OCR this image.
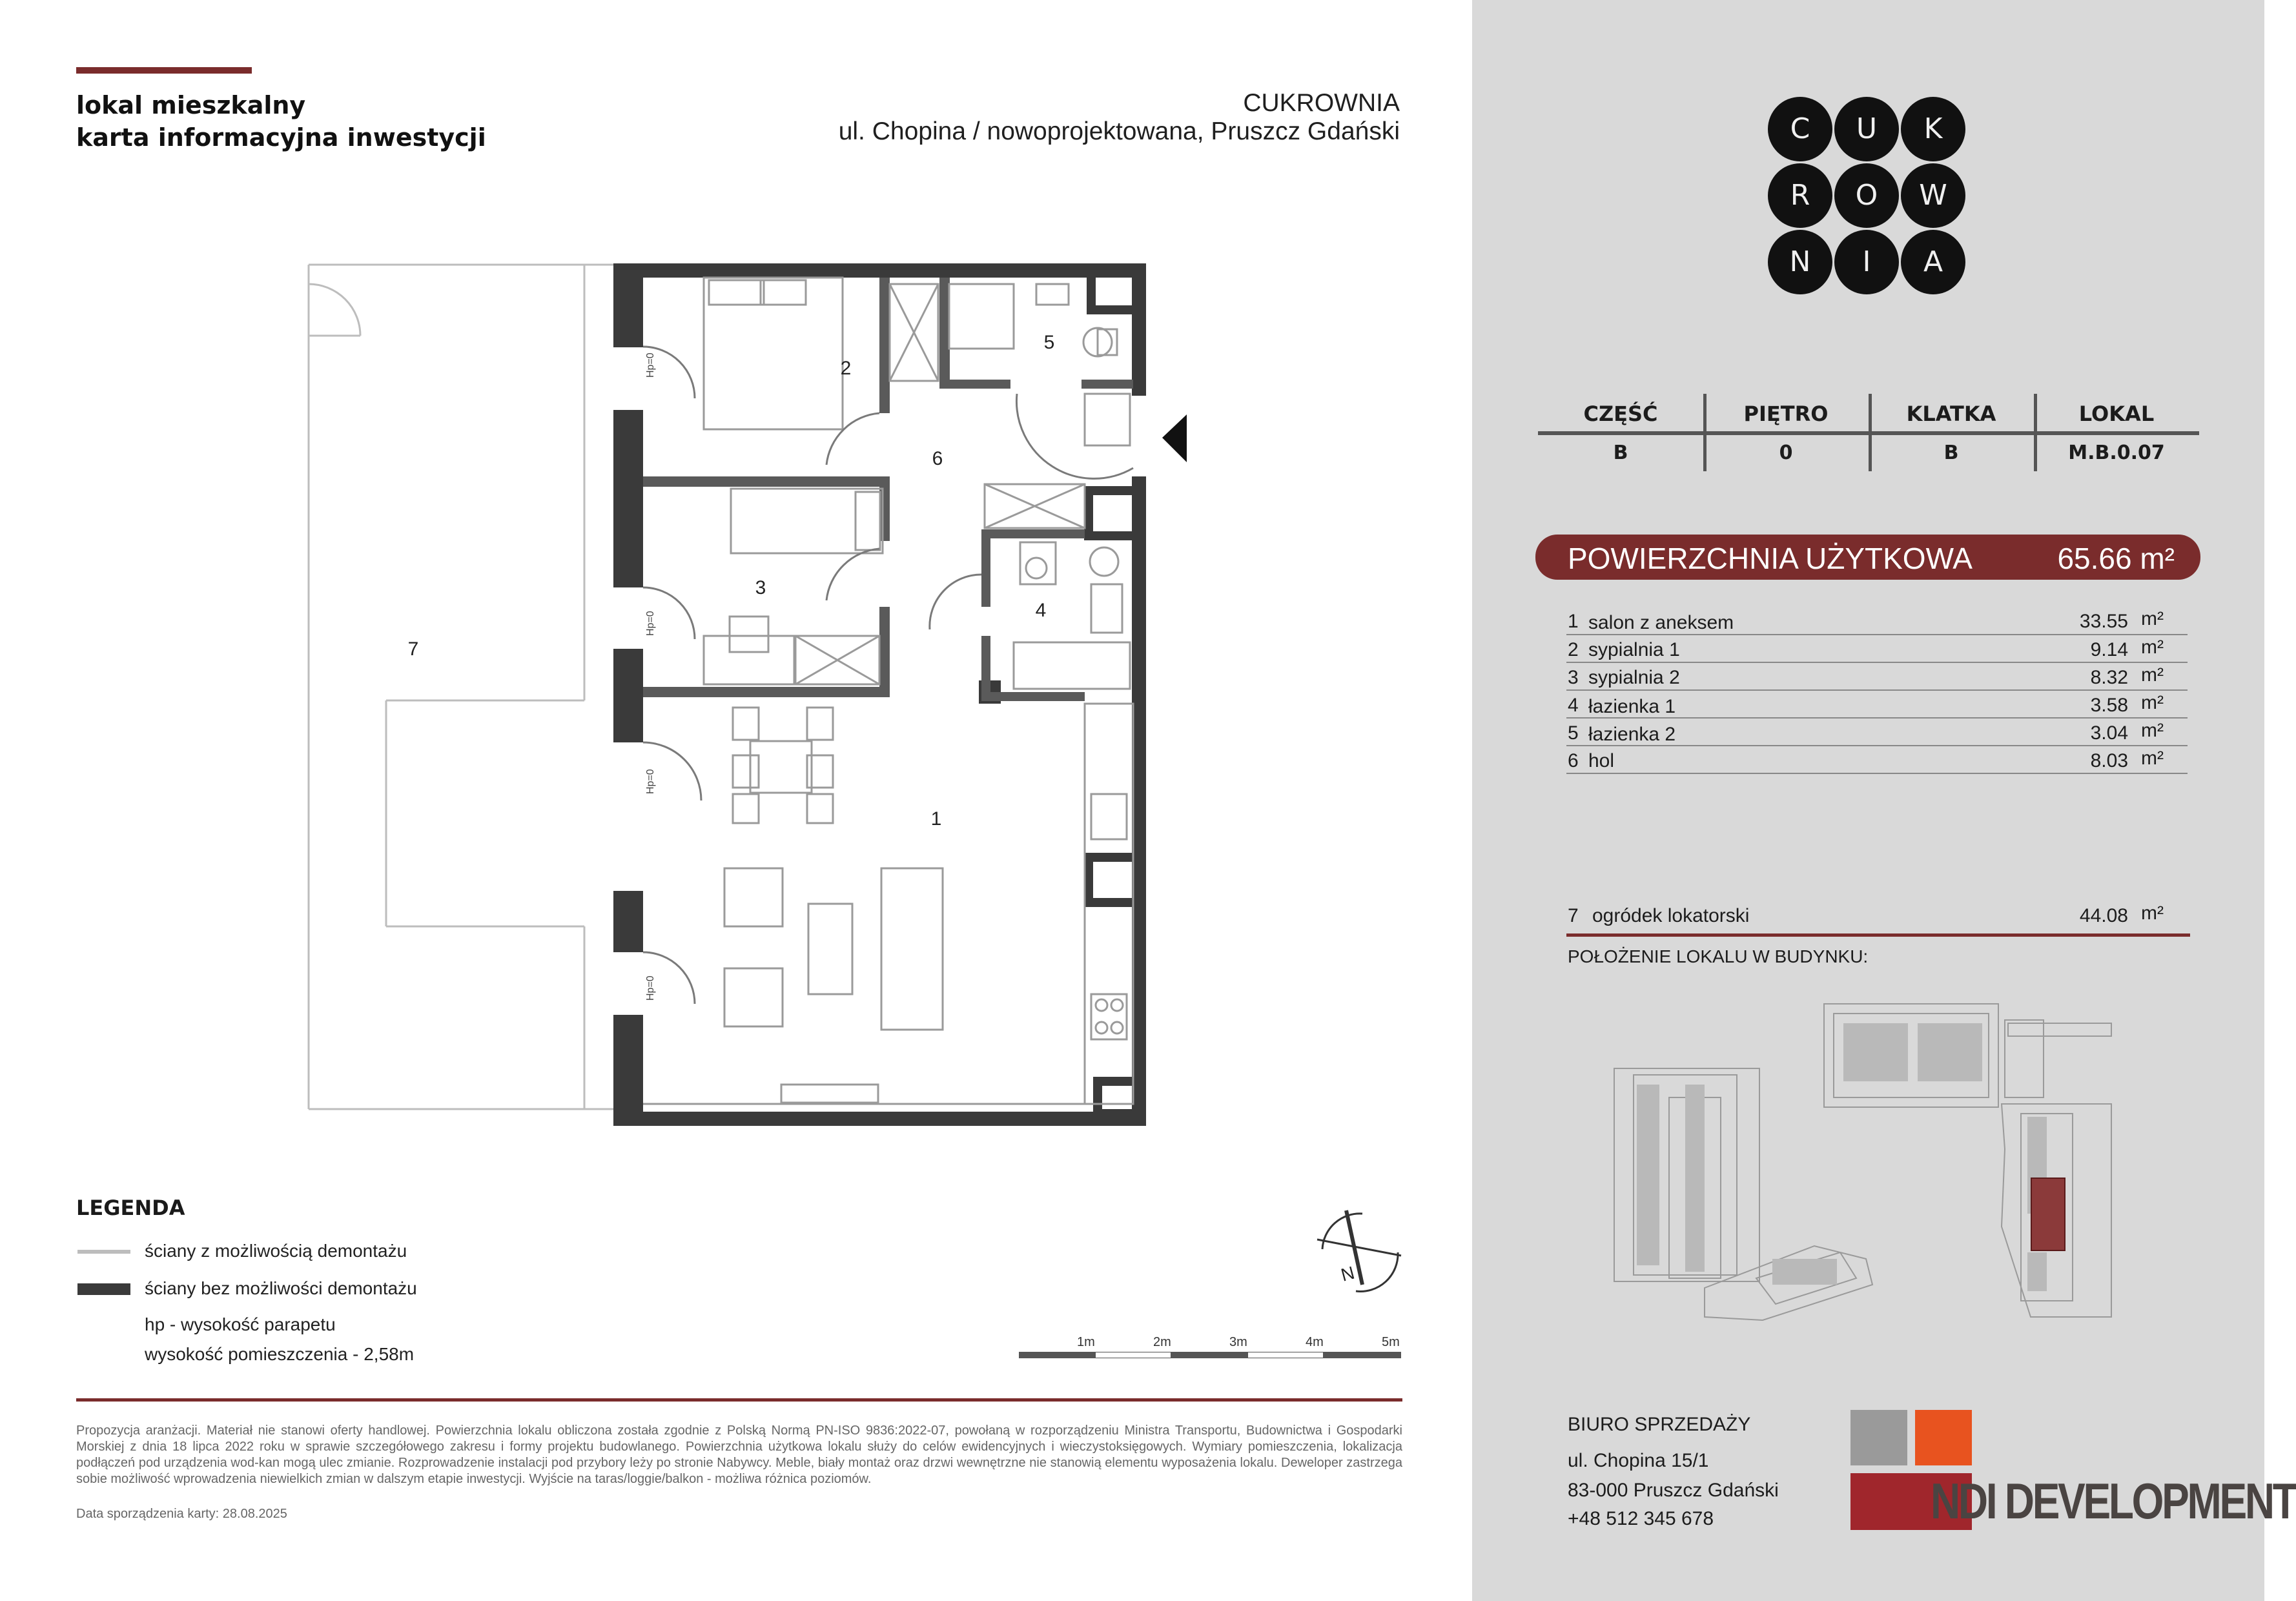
lokal mieszkalny
karta informacyjna inwestycji
CUKROWNIA
ul. Chopina / nowoprojektowana, Pruszcz Gdański
1
2
3
4
5
6
7
Hp=0
Hp=0
Hp=0
Hp=0
N
1m	2m	3m	4m	5m
LEGENDA
ściany z możliwością demontażu
ściany bez możliwości demontażu
hp - wysokość parapetu
wysokość pomieszczenia - 2,58m
Propozycja aranżacji. Materiał nie stanowi oferty handlowej. Powierzchnia lokalu obliczona została zgodnie z Polską Normą PN-ISO 9836:2022-07, powołaną w rozporządzeniu Ministra Transportu, Budownictwa i Gospodarki Morskiej z dnia 18 lipca 2022 roku w sprawie szczegółowego zakresu i formy projektu budowlanego. Powierzchnia użytkowa lokalu służy do celów ewidencyjnych i wieczystoksięgowych. Wymiary pomieszczenia, lokalizacja podłączeń pod urządzenia wod-kan mogą ulec zmianie. Rozprowadzenie instalacji pod przybory leży po stronie Nabywcy. Meble, biały montaż oraz drzwi wewnętrzne nie stanowią elementu wyposażenia lokalu. Deweloper zastrzega sobie możliwość wprowadzenia niewielkich zmian w dalszym etapie inwestycji. Wyjście na taras/loggie/balkon - możliwa różnica poziomów.
Data sporządzenia karty: 28.08.2025
C	U	K
R	O	W
N	I	A
CZĘŚĆ	PIĘTRO	KLATKA	LOKAL
B	0	B	M.B.0.07
POWIERZCHNIA UŻYTKOWA	65.66 m²
1 salon z aneksem	33.55 m²
2 sypialnia 1	9.14 m²
3 sypialnia 2	8.32 m²
4 łazienka 1	3.58 m²
5 łazienka 2	3.04 m²
6 hol	8.03 m²
7 ogródek lokatorski	44.08 m²
POŁOŻENIE LOKALU W BUDYNKU:
BIURO SPRZEDAŻY
ul. Chopina 15/1
83-000 Pruszcz Gdański
+48 512 345 678	NDI DEVELOPMENT
